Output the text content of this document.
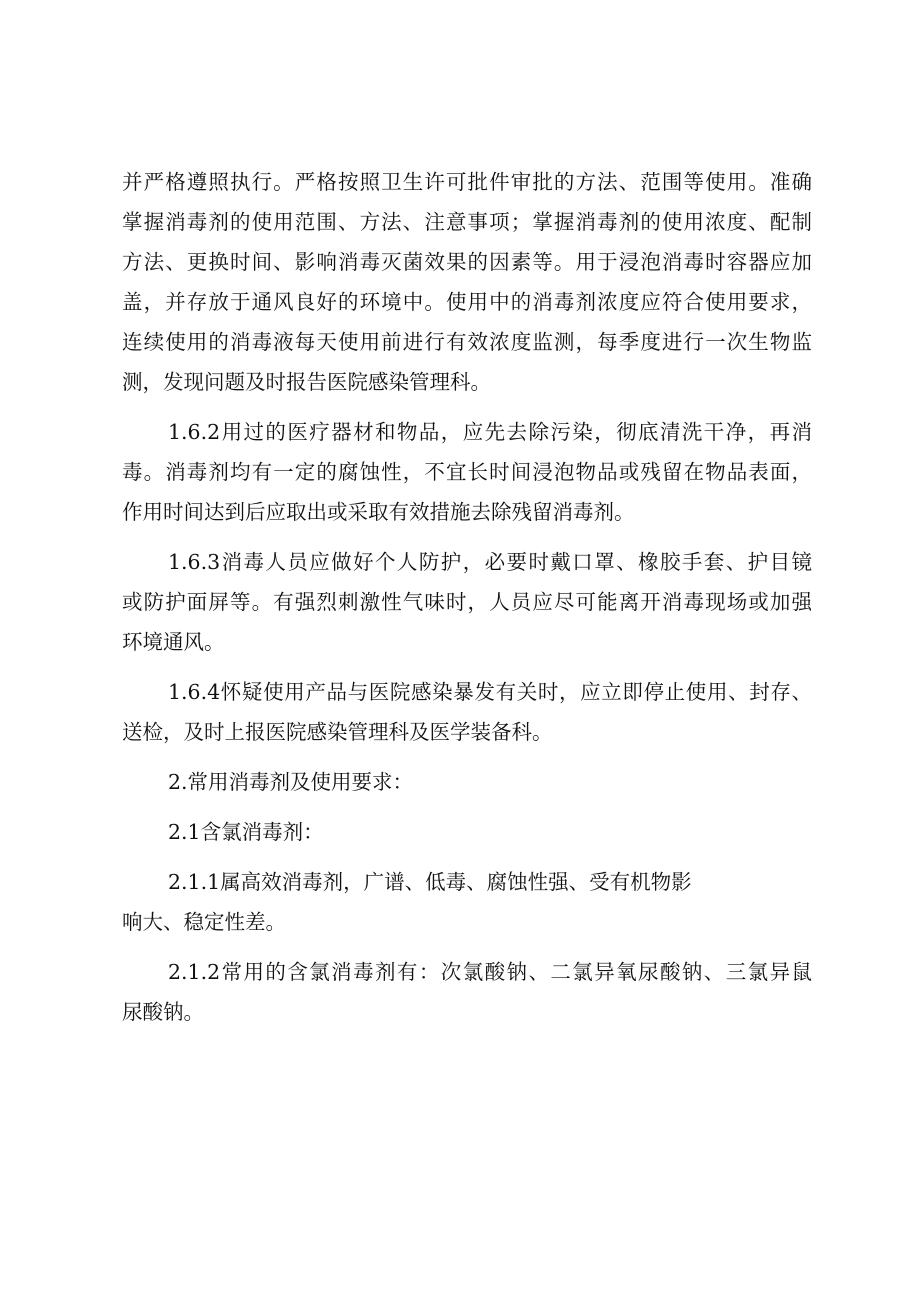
并严格遵照执行。严格按照卫生许可批件审批的方法、范围等使用。准确
掌握消毒剂的使用范围、方法、注意事项；掌握消毒剂的使用浓度、配制
方法、更换时间、影响消毒灭菌效果的因素等。用于浸泡消毒时容器应加
盖，并存放于通风良好的环境中。使用中的消毒剂浓度应符合使用要求，
连续使用的消毒液每天使用前进行有效浓度监测，每季度进行一次生物监
测，发现问题及时报告医院感染管理科。
1.6.2用过的医疗器材和物品，应先去除污染，彻底清洗干净，再消
毒。消毒剂均有一定的腐蚀性，不宜长时间浸泡物品或残留在物品表面，
作用时间达到后应取出或采取有效措施去除残留消毒剂。
1.6.3消毒人员应做好个人防护，必要时戴口罩、橡胶手套、护目镜
或防护面屏等。有强烈刺激性气味时，人员应尽可能离开消毒现场或加强
环境通风。
1.6.4怀疑使用产品与医院感染暴发有关时，应立即停止使用、封存、
送检，及时上报医院感染管理科及医学装备科。
2.常用消毒剂及使用要求：
2.1含氯消毒剂：
2.1.1属高效消毒剂，广谱、低毒、腐蚀性强、受有机物影
响大、稳定性差。
2.1.2常用的含氯消毒剂有：次氯酸钠、二氯异氧尿酸钠、三氯异鼠
尿酸钠。
